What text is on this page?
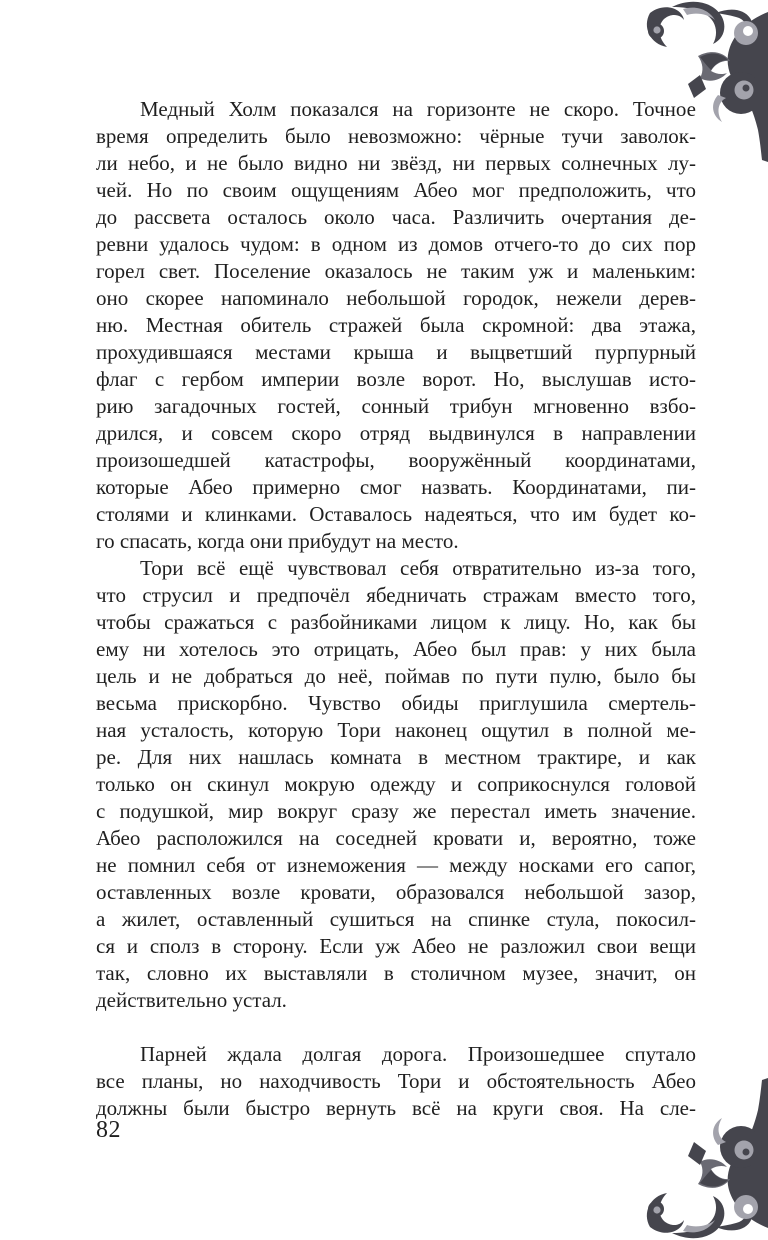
Медный Холм показался на горизонте не скоро. Точное
время определить было невозможно: чёрные тучи заволок-
ли небо, и не было видно ни звёзд, ни первых солнечных лу-
чей. Но по своим ощущениям Абео мог предположить, что
до рассвета осталось около часа. Различить очертания де-
ревни удалось чудом: в одном из домов отчего-то до сих пор
горел свет. Поселение оказалось не таким уж и маленьким:
оно скорее напоминало небольшой городок, нежели дерев-
ню. Местная обитель стражей была скромной: два этажа,
прохудившаяся местами крыша и выцветший пурпурный
флаг с гербом империи возле ворот. Но, выслушав исто-
рию загадочных гостей, сонный трибун мгновенно взбо-
дрился, и совсем скоро отряд выдвинулся в направлении
произошедшей катастрофы, вооружённый координатами,
которые Абео примерно смог назвать. Координатами, пи-
столями и клинками. Оставалось надеяться, что им будет ко-
го спасать, когда они прибудут на место.
Тори всё ещё чувствовал себя отвратительно из-за того,
что струсил и предпочёл ябедничать стражам вместо того,
чтобы сражаться с разбойниками лицом к лицу. Но, как бы
ему ни хотелось это отрицать, Абео был прав: у них была
цель и не добраться до неё, поймав по пути пулю, было бы
весьма прискорбно. Чувство обиды приглушила смертель-
ная усталость, которую Тори наконец ощутил в полной ме-
ре. Для них нашлась комната в местном трактире, и как
только он скинул мокрую одежду и соприкоснулся головой
с подушкой, мир вокруг сразу же перестал иметь значение.
Абео расположился на соседней кровати и, вероятно, тоже
не помнил себя от изнеможения — между носками его сапог,
оставленных возле кровати, образовался небольшой зазор,
а жилет, оставленный сушиться на спинке стула, покосил-
ся и сполз в сторону. Если уж Абео не разложил свои вещи
так, словно их выставляли в столичном музее, значит, он
действительно устал.
Парней ждала долгая дорога. Произошедшее спутало
все планы, но находчивость Тори и обстоятельность Абео
должны были быстро вернуть всё на круги своя. На сле-
82
